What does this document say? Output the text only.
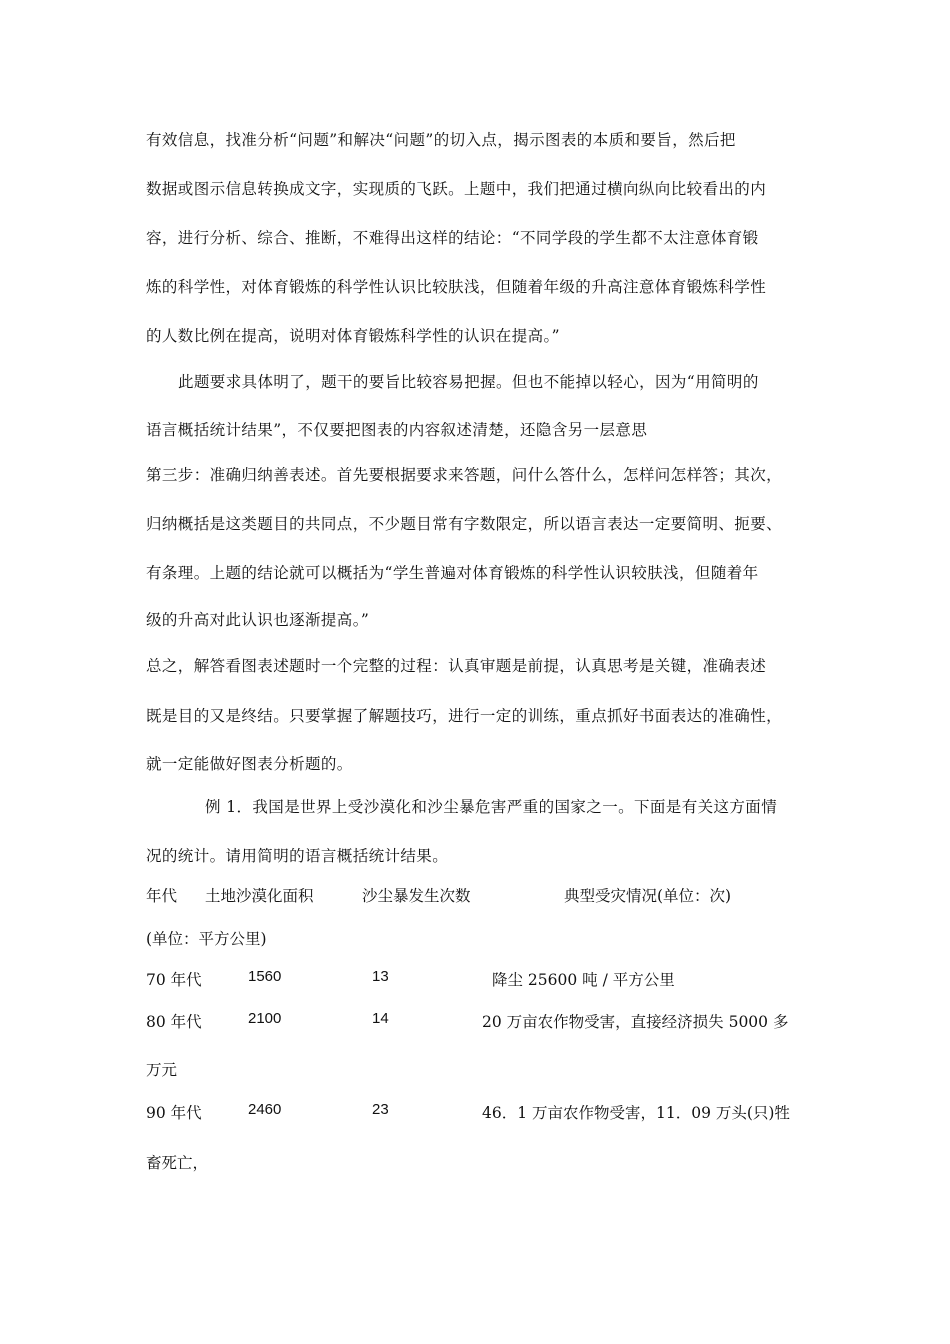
有效信息，找准分析“问题”和解决“问题”的切入点，揭示图表的本质和要旨，然后把
数据或图示信息转换成文字，实现质的飞跃。上题中，我们把通过横向纵向比较看出的内
容，进行分析、综合、推断，不难得出这样的结论：“不同学段的学生都不太注意体育锻
炼的科学性，对体育锻炼的科学性认识比较肤浅，但随着年级的升高注意体育锻炼科学性
的人数比例在提高，说明对体育锻炼科学性的认识在提高。”
此题要求具体明了，题干的要旨比较容易把握。但也不能掉以轻心，因为“用简明的
语言概括统计结果”，不仅要把图表的内容叙述清楚，还隐含另一层意思
第三步：准确归纳善表述。首先要根据要求来答题，问什么答什么，怎样问怎样答；其次，
归纳概括是这类题目的共同点，不少题目常有字数限定，所以语言表达一定要简明、扼要、
有条理。上题的结论就可以概括为“学生普遍对体育锻炼的科学性认识较肤浅，但随着年
级的升高对此认识也逐渐提高。”
总之，解答看图表述题时一个完整的过程：认真审题是前提，认真思考是关键，准确表述
既是目的又是终结。只要掌握了解题技巧，进行一定的训练，重点抓好书面表达的准确性，
就一定能做好图表分析题的。
例 1．我国是世界上受沙漠化和沙尘暴危害严重的国家之一。下面是有关这方面情
况的统计。请用简明的语言概括统计结果。
年代 土地沙漠化面积	沙尘暴发生次数	典型受灾情况(单位：次)
(单位：平方公里)
70 年代	1560	13	降尘 25600 吨 / 平方公里
80 年代	2100	14	20 万亩农作物受害，直接经济损失 5000 多
万元
90 年代	2460	23	46．1 万亩农作物受害，11．09 万头(只)牲
畜死亡，
